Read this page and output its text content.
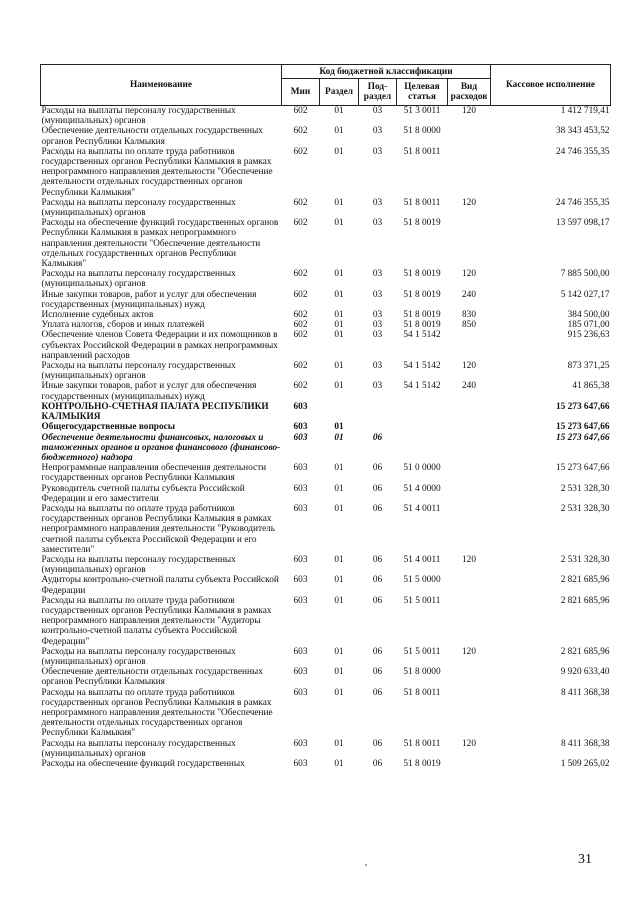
Наименование	Код бюджетной классификации					Кассовое исполнение
	Мин	Раздел	Под-раздел	Целевая статья	Вид расходов	
Расходы на выплаты персоналу государственных (муниципальных) органов	602	01	03	51 3 0011	120	1 412 719,41
Обеспечение деятельности отдельных государственных органов Республики Калмыкия	602	01	03	51 8 0000		38 343 453,52
Расходы на выплаты по оплате труда работников государственных органов Республики Калмыкия в рамках непрограммного направления деятельности "Обеспечение деятельности отдельных государственных органов Республики Калмыкия"	602	01	03	51 8 0011		24 746 355,35
Расходы на выплаты персоналу государственных (муниципальных) органов	602	01	03	51 8 0011	120	24 746 355,35
Расходы на обеспечение функций государственных органов Республики Калмыкия в рамках непрограммного направления деятельности "Обеспечение деятельности отдельных государственных органов Республики Калмыкия"	602	01	03	51 8 0019		13 597 098,17
Расходы на выплаты персоналу государственных (муниципальных) органов	602	01	03	51 8 0019	120	7 885 500,00
Иные закупки товаров, работ и услуг для обеспечения государственных (муниципальных) нужд	602	01	03	51 8 0019	240	5 142 027,17
Исполнение судебных актов	602	01	03	51 8 0019	830	384 500,00
Уплата налогов, сборов и иных платежей	602	01	03	51 8 0019	850	185 071,00
Обеспечение членов Совета Федерации и их помощников в субъектах Российской Федерации в рамках непрограммных направлений расходов	602	01	03	54 1 5142		915 236,63
Расходы на выплаты персоналу государственных (муниципальных) органов	602	01	03	54 1 5142	120	873 371,25
Иные закупки товаров, работ и услуг для обеспечения государственных (муниципальных) нужд	602	01	03	54 1 5142	240	41 865,38
КОНТРОЛЬНО-СЧЕТНАЯ ПАЛАТА РЕСПУБЛИКИ КАЛМЫКИЯ	603					15 273 647,66
Общегосударственные вопросы	603	01				15 273 647,66
Обеспечение деятельности финансовых, налоговых и таможенных органов и органов финансового (финансово-бюджетного) надзора	603	01	06			15 273 647,66
Непрограммные направления обеспечения деятельности государственных органов Республики Калмыкия	603	01	06	51 0 0000		15 273 647,66
Руководитель счетной палаты субъекта Российской Федерации и его заместители	603	01	06	51 4 0000		2 531 328,30
Расходы на выплаты по оплате труда работников государственных органов Республики Калмыкия в рамках непрограммного направления деятельности "Руководитель счетной палаты субъекта Российской Федерации и его заместители"	603	01	06	51 4 0011		2 531 328,30
Расходы на выплаты персоналу государственных (муниципальных) органов	603	01	06	51 4 0011	120	2 531 328,30
Аудиторы контрольно-счетной палаты субъекта Российской Федерации	603	01	06	51 5 0000		2 821 685,96
Расходы на выплаты по оплате труда работников государственных органов Республики Калмыкия в рамках непрограммного направления деятельности "Аудиторы контрольно-счетной палаты субъекта Российской Федерации"	603	01	06	51 5 0011		2 821 685,96
Расходы на выплаты персоналу государственных (муниципальных) органов	603	01	06	51 5 0011	120	2 821 685,96
Обеспечение деятельности отдельных государственных органов Республики Калмыкия	603	01	06	51 8 0000		9 920 633,40
Расходы на выплаты по оплате труда работников государственных органов Республики Калмыкия в рамках непрограммного направления деятельности "Обеспечение деятельности отдельных государственных органов Республики Калмыкия"	603	01	06	51 8 0011		8 411 368,38
Расходы на выплаты персоналу государственных (муниципальных) органов	603	01	06	51 8 0011	120	8 411 368,38
Расходы на обеспечение функций государственных	603	01	06	51 8 0019		1 509 265,02
31
